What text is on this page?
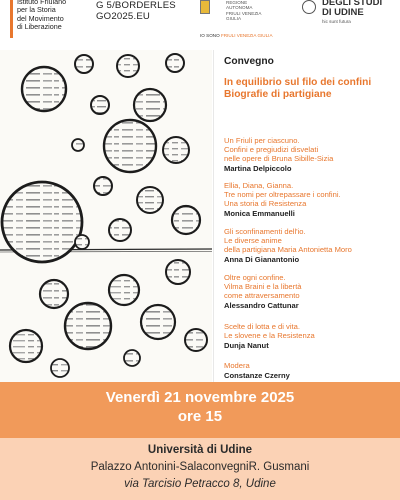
Istituto Friulano
per la Storia
del Movimento
di Liberazione
G 5/BORDERLES
GO2025.EU
REGIONE AUTONOMA
FRIULI VENEZIA GIULIA
IO SONO FRIULI VENEZIA GIULIA
DEGLI STUDI
DI UDINE
hic sunt futura
Convegno
In equilibrio sul filo dei confini
Biografie di partigiane
Un Friuli per ciascuno.
Confini e pregiudizi disvelati
nelle opere di Bruna Sibille-Sizia
Martina Delpiccolo
Ellia, Diana, Gianna.
Tre nomi per oltrepassare i confini.
Una storia di Resistenza
Monica Emmanuelli
Gli sconfinamenti dell'io.
Le diverse anime
della partigiana Maria Antonietta Moro
Anna Di Gianantonio
Oltre ogni confine.
Vilma Braini e la libertà
come attraversamento
Alessandro Cattunar
Scelte di lotta e di vita.
Le slovene e la Resistenza
Dunja Nanut
Modera
Constanze Czerny
Venerdì 21 novembre 2025
ore 15
Università di Udine
Palazzo Antonini-SalaconvegniR. Gusmani
via Tarcisio Petracco 8, Udine
